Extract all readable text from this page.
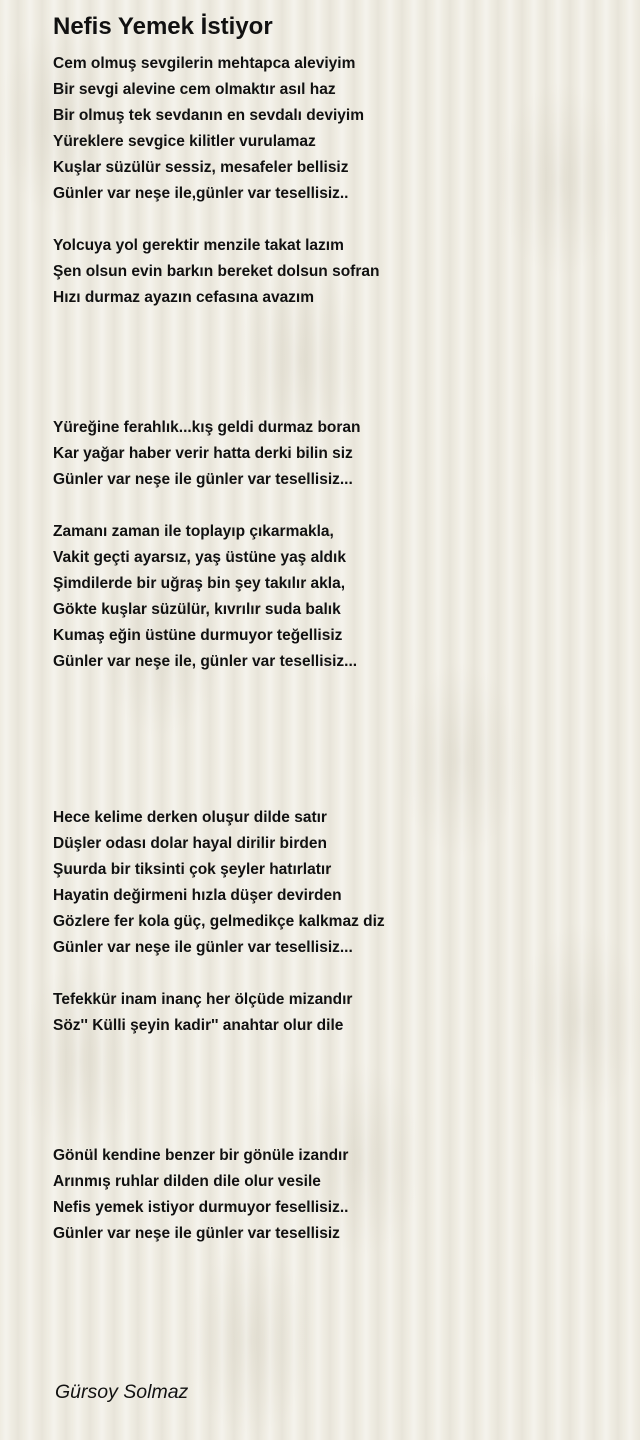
Nefis Yemek İstiyor
Cem olmuş sevgilerin mehtapca aleviyim
Bir sevgi alevine cem olmaktır asıl haz
Bir olmuş tek sevdanın en sevdalı deviyim
Yüreklere sevgice kilitler vurulamaz
Kuşlar süzülür sessiz, mesafeler bellisiz
Günler var neşe ile,günler var tesellisiz..
Yolcuya yol gerektir menzile takat lazım
Şen olsun evin barkın bereket dolsun sofran
Hızı durmaz ayazın cefasına avazım
Yüreğine ferahlık...kış geldi durmaz boran
Kar yağar haber verir hatta derki bilin siz
Günler var neşe ile günler var tesellisiz...
Zamanı zaman ile toplayıp çıkarmakla,
Vakit geçti ayarsız, yaş üstüne yaş aldık
Şimdilerde bir uğraş bin şey takılır akla,
Gökte kuşlar süzülür, kıvrılır suda balık
Kumaş eğin üstüne durmuyor teğellisiz
Günler var neşe ile, günler var tesellisiz...
Hece kelime derken oluşur dilde satır
Düşler odası dolar hayal dirilir birden
Şuurda bir tiksinti çok şeyler hatırlatır
Hayatin değirmeni hızla düşer devirden
Gözlere fer kola güç, gelmedikçe kalkmaz diz
Günler var neşe ile günler var tesellisiz...
Tefekkür inam inanç her ölçüde mizandır
Söz'' Külli şeyin kadir'' anahtar olur dile
Gönül kendine benzer bir gönüle izandır
Arınmış ruhlar dilden dile olur vesile
Nefis yemek istiyor durmuyor fesellisiz..
Günler var neşe ile günler var tesellisiz
Gürsoy Solmaz
